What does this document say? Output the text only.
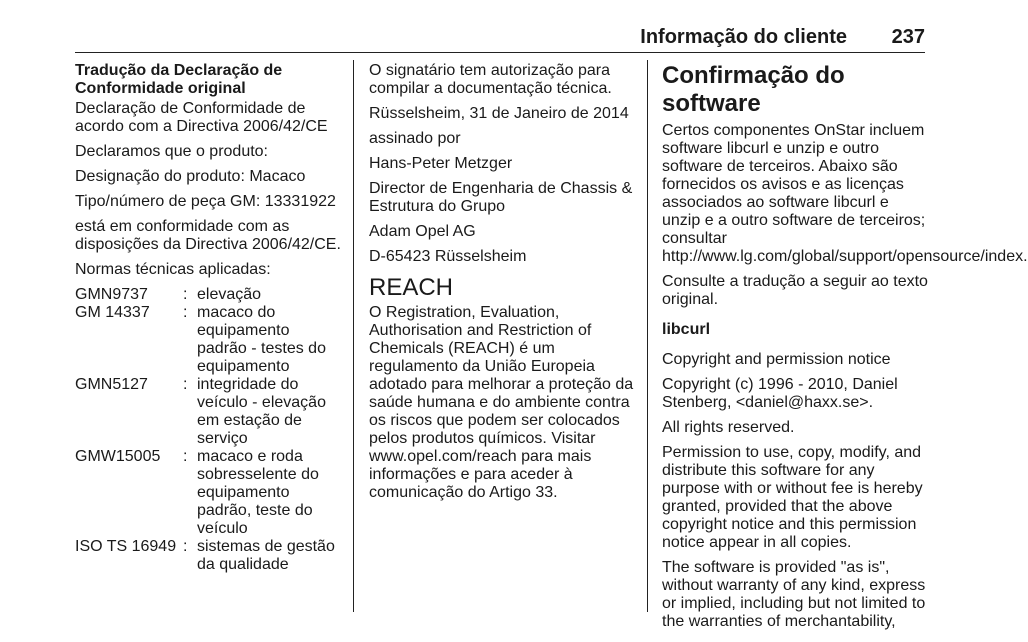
Informação do cliente 237

Tradução da Declaração de Conformidade original

Declaração de Conformidade de acordo com a Directiva 2006/42/CE

Declaramos que o produto:

Designação do produto: Macaco

Tipo/número de peça GM: 13331922

está em conformidade com as disposições da Directiva 2006/42/CE.

Normas técnicas aplicadas:

GMN9737	:	elevação
GM 14337	:	macaco do equipamento padrão - testes do equipamento
GMN5127	:	integridade do veículo - elevação em estação de serviço
GMW15005	:	macaco e roda sobresselente do equipamento padrão, teste do veículo
ISO TS 16949	:	sistemas de gestão da qualidade

O signatário tem autorização para compilar a documentação técnica.

Rüsselsheim, 31 de Janeiro de 2014

assinado por

Hans-Peter Metzger

Director de Engenharia de Chassis & Estrutura do Grupo

Adam Opel AG

D-65423 Rüsselsheim

REACH

O Registration, Evaluation, Authorisation and Restriction of Chemicals (REACH) é um regulamento da União Europeia adotado para melhorar a proteção da saúde humana e do ambiente contra os riscos que podem ser colocados pelos produtos químicos. Visitar www.opel.com/reach para mais informações e para aceder à comunicação do Artigo 33.

Confirmação do software

Certos componentes OnStar incluem software libcurl e unzip e outro software de terceiros. Abaixo são fornecidos os avisos e as licenças associados ao software libcurl e unzip e a outro software de terceiros; consultar http://www.lg.com/global/support/opensource/index.

Consulte a tradução a seguir ao texto original.

libcurl

Copyright and permission notice

Copyright (c) 1996 - 2010, Daniel Stenberg, <daniel@haxx.se>.

All rights reserved.

Permission to use, copy, modify, and distribute this software for any purpose with or without fee is hereby granted, provided that the above copyright notice and this permission notice appear in all copies.

The software is provided "as is", without warranty of any kind, express or implied, including but not limited to the warranties of merchantability,
